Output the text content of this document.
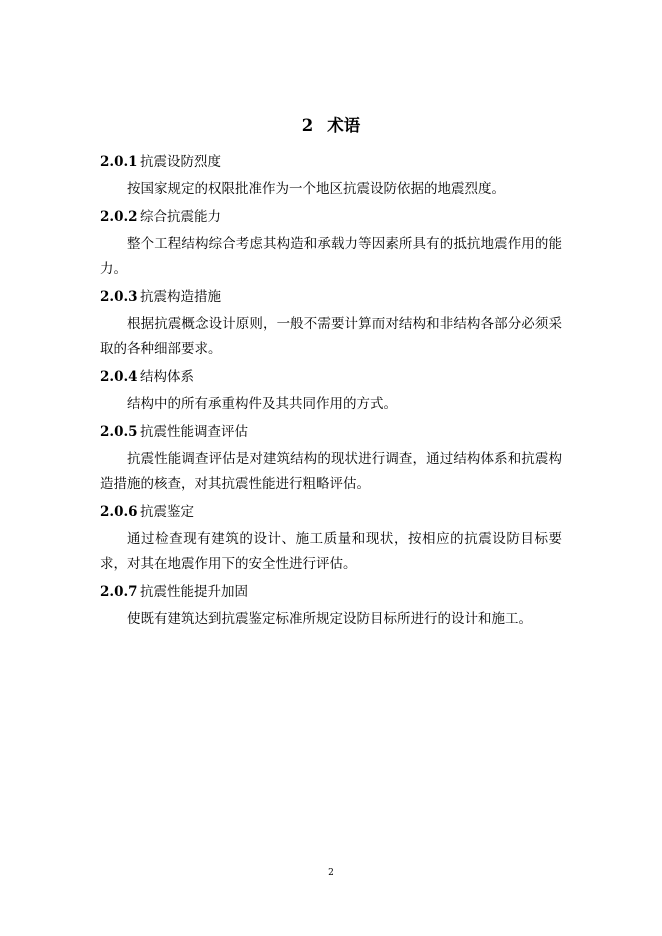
2 术语

2.0.1 抗震设防烈度

按国家规定的权限批准作为一个地区抗震设防依据的地震烈度。

2.0.2 综合抗震能力

整个工程结构综合考虑其构造和承载力等因素所具有的抵抗地震作用的能力。

2.0.3 抗震构造措施

根据抗震概念设计原则，一般不需要计算而对结构和非结构各部分必须采取的各种细部要求。

2.0.4 结构体系

结构中的所有承重构件及其共同作用的方式。

2.0.5 抗震性能调查评估

抗震性能调查评估是对建筑结构的现状进行调查，通过结构体系和抗震构造措施的核查，对其抗震性能进行粗略评估。

2.0.6 抗震鉴定

通过检查现有建筑的设计、施工质量和现状，按相应的抗震设防目标要求，对其在地震作用下的安全性进行评估。

2.0.7 抗震性能提升加固

使既有建筑达到抗震鉴定标准所规定设防目标所进行的设计和施工。

2
